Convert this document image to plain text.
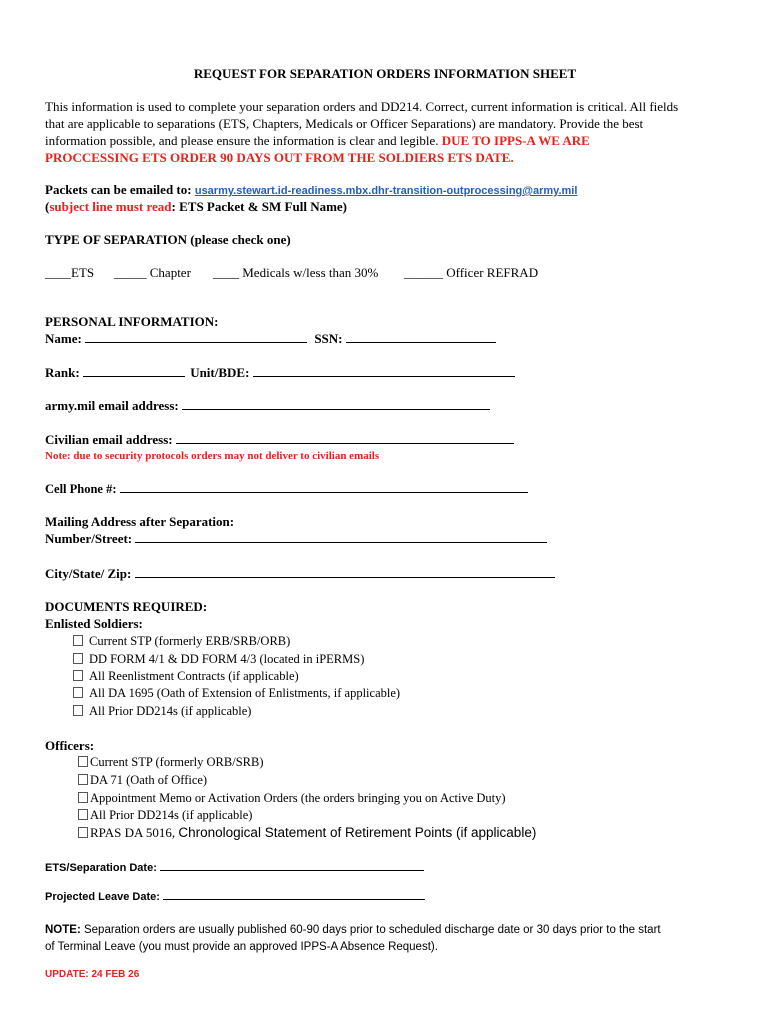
REQUEST FOR SEPARATION ORDERS INFORMATION SHEET
This information is used to complete your separation orders and DD214. Correct, current information is critical. All fields
that are applicable to separations (ETS, Chapters, Medicals or Officer Separations) are mandatory. Provide the best
information possible, and please ensure the information is clear and legible. DUE TO IPPS-A WE ARE
PROCCESSING ETS ORDER 90 DAYS OUT FROM THE SOLDIERS ETS DATE.
Packets can be emailed to: usarmy.stewart.id-readiness.mbx.dhr-transition-outprocessing@army.mil
(subject line must read: ETS Packet & SM Full Name)
TYPE OF SEPARATION (please check one)
____ETS _____ Chapter ____ Medicals w/less than 30% ______ Officer REFRAD
PERSONAL INFORMATION:
Name:	SSN:
Rank:	Unit/BDE:
army.mil email address:
Civilian email address:
Note: due to security protocols orders may not deliver to civilian emails
Cell Phone #:
Mailing Address after Separation:
Number/Street:
City/State/ Zip:
DOCUMENTS REQUIRED:
Enlisted Soldiers:
Current STP (formerly ERB/SRB/ORB)
DD FORM 4/1 & DD FORM 4/3 (located in iPERMS)
All Reenlistment Contracts (if applicable)
All DA 1695 (Oath of Extension of Enlistments, if applicable)
All Prior DD214s (if applicable)
Officers:
Current STP (formerly ORB/SRB)
DA 71 (Oath of Office)
Appointment Memo or Activation Orders (the orders bringing you on Active Duty)
All Prior DD214s (if applicable)
RPAS DA 5016, Chronological Statement of Retirement Points (if applicable)
ETS/Separation Date:
Projected Leave Date:
NOTE: Separation orders are usually published 60-90 days prior to scheduled discharge date or 30 days prior to the start
of Terminal Leave (you must provide an approved IPPS-A Absence Request).
UPDATE: 24 FEB 26
